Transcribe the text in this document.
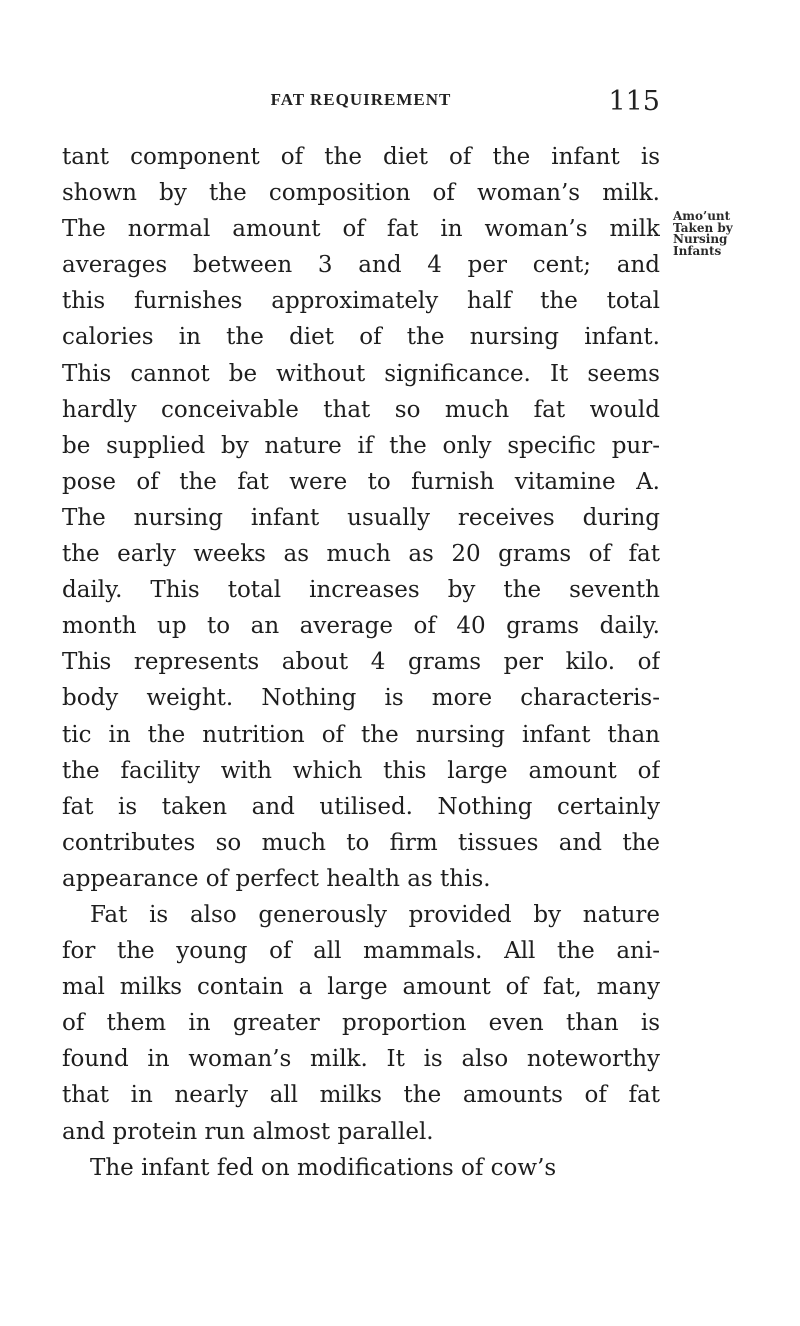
FAT REQUIREMENT	115
Amo’unt
Taken by
Nursing
Infants
tant component of the diet of the infant is
shown by the composition of woman’s milk.
The normal amount of fat in woman’s milk
averages between 3 and 4 per cent; and
this furnishes approximately half the total
calories in the diet of the nursing infant.
This cannot be without significance. It seems
hardly conceivable that so much fat would
be supplied by nature if the only specific pur-
pose of the fat were to furnish vitamine A.
The nursing infant usually receives during
the early weeks as much as 20 grams of fat
daily. This total increases by the seventh
month up to an average of 40 grams daily.
This represents about 4 grams per kilo. of
body weight. Nothing is more characteris-
tic in the nutrition of the nursing infant than
the facility with which this large amount of
fat is taken and utilised. Nothing certainly
contributes so much to firm tissues and the
appearance of perfect health as this.
Fat is also generously provided by nature
for the young of all mammals. All the ani-
mal milks contain a large amount of fat, many
of them in greater proportion even than is
found in woman’s milk. It is also noteworthy
that in nearly all milks the amounts of fat
and protein run almost parallel.
The infant fed on modifications of cow’s
